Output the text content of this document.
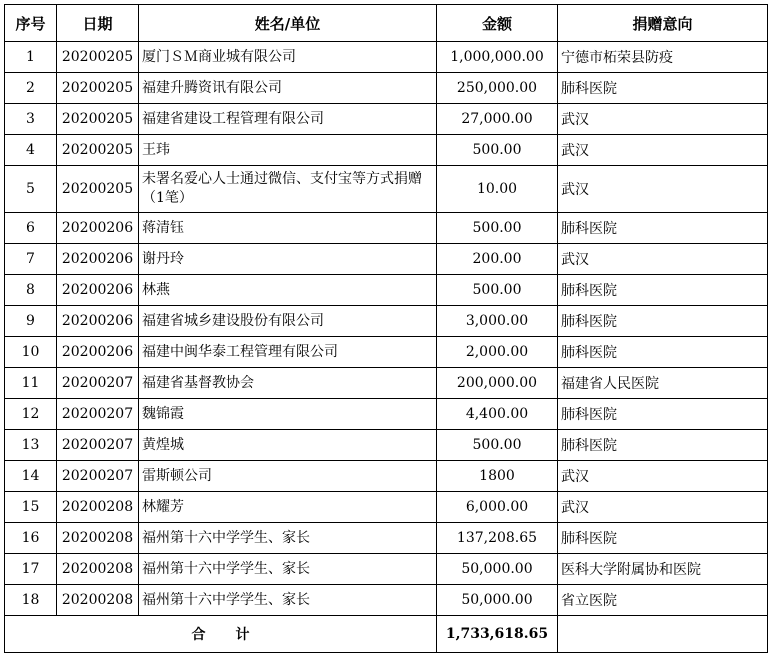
序号	日期	姓名/单位	金额	捐赠意向
1	20200205	厦门ＳＭ商业城有限公司	1,000,000.00	宁德市柘荣县防疫
2	20200205	福建升腾资讯有限公司	250,000.00	肺科医院
3	20200205	福建省建设工程管理有限公司	27,000.00	武汉
4	20200205	王玮	500.00	武汉
5	20200205	未署名爱心人士通过微信、支付宝等方式捐赠（1笔）	10.00	武汉
6	20200206	蒋清钰	500.00	肺科医院
7	20200206	谢丹玲	200.00	武汉
8	20200206	林燕	500.00	肺科医院
9	20200206	福建省城乡建设股份有限公司	3,000.00	肺科医院
10	20200206	福建中闽华泰工程管理有限公司	2,000.00	肺科医院
11	20200207	福建省基督教协会	200,000.00	福建省人民医院
12	20200207	魏锦霞	4,400.00	肺科医院
13	20200207	黄煌城	500.00	肺科医院
14	20200207	雷斯顿公司	1800	武汉
15	20200208	林耀芳	6,000.00	武汉
16	20200208	福州第十六中学学生、家长	137,208.65	肺科医院
17	20200208	福州第十六中学学生、家长	50,000.00	医科大学附属协和医院
18	20200208	福州第十六中学学生、家长	50,000.00	省立医院
合计			1,733,618.65	
